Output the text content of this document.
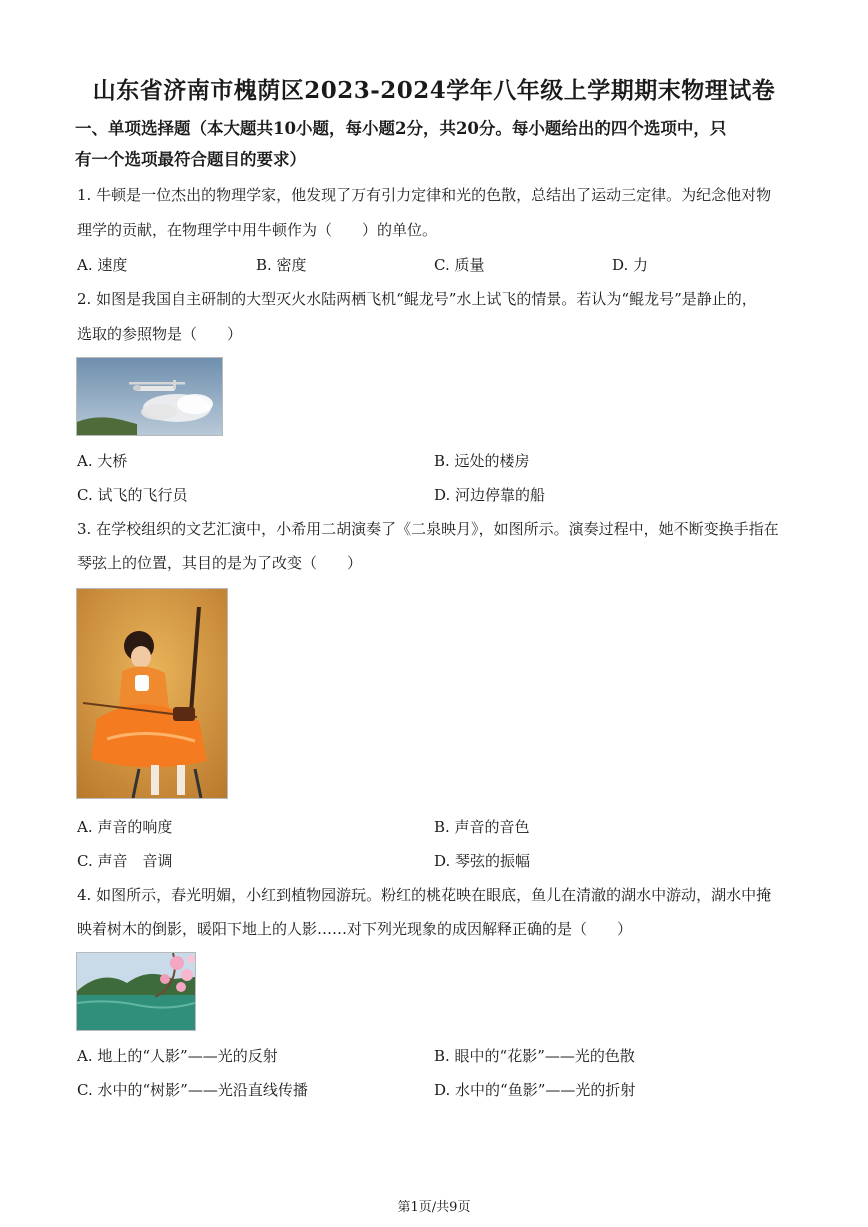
山东省济南市槐荫区2023-2024学年八年级上学期期末物理试卷
一、单项选择题（本大题共10小题，每小题2分，共20分。每小题给出的四个选项中，只
有一个选项最符合题目的要求）
1. 牛顿是一位杰出的物理学家，他发现了万有引力定律和光的色散，总结出了运动三定律。为纪念他对物
理学的贡献，在物理学中用牛顿作为（　　）的单位。
A. 速度	B. 密度	C. 质量	D. 力
2. 如图是我国自主研制的大型灭火水陆两栖飞机“鲲龙号”水上试飞的情景。若认为“鲲龙号”是静止的，
选取的参照物是（　　）
A. 大桥	B. 远处的楼房
C. 试飞的飞行员	D. 河边停靠的船
3. 在学校组织的文艺汇演中，小希用二胡演奏了《二泉映月》，如图所示。演奏过程中，她不断变换手指在
琴弦上的位置，其目的是为了改变（　　）
A. 声音的响度	B. 声音的音色
C. 声音　音调	D. 琴弦的振幅
4. 如图所示，春光明媚，小红到植物园游玩。粉红的桃花映在眼底，鱼儿在清澈的湖水中游动，湖水中掩
映着树木的倒影，暖阳下地上的人影……对下列光现象的成因解释正确的是（　　）
A. 地上的“人影”——光的反射	B. 眼中的“花影”——光的色散
C. 水中的“树影”——光沿直线传播	D. 水中的“鱼影”——光的折射
第1页/共9页
